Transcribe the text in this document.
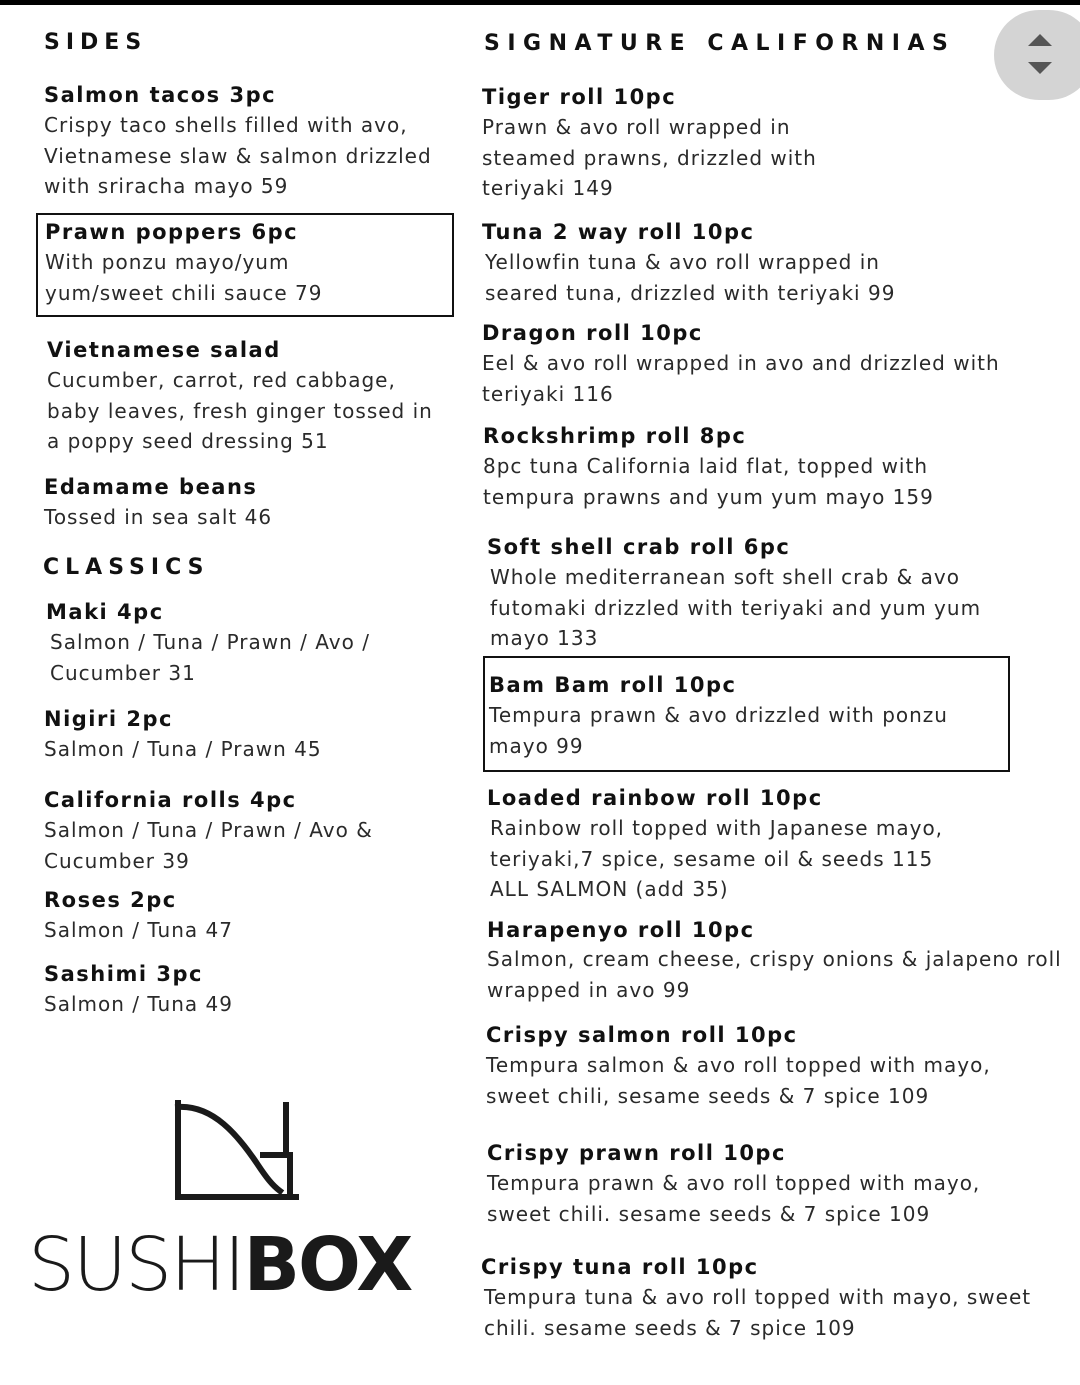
SIDES
Salmon tacos 3pc
Crispy taco shells filled with avo, Vietnamese slaw & salmon drizzled with sriracha mayo 59
Prawn poppers 6pc
With ponzu mayo/yum yum/sweet chili sauce 79
Vietnamese salad
Cucumber, carrot, red cabbage, baby leaves, fresh ginger tossed in a poppy seed dressing 51
Edamame beans
Tossed in sea salt 46
CLASSICS
Maki 4pc
Salmon / Tuna / Prawn / Avo / Cucumber 31
Nigiri 2pc
Salmon / Tuna / Prawn 45
California rolls 4pc
Salmon / Tuna / Prawn / Avo & Cucumber 39
Roses 2pc
Salmon / Tuna 47
Sashimi 3pc
Salmon / Tuna 49
SUSHIBOX
SIGNATURE CALIFORNIAS
Tiger roll 10pc
Prawn & avo roll wrapped in steamed prawns, drizzled with teriyaki 149
Tuna 2 way roll 10pc
Yellowfin tuna & avo roll wrapped in seared tuna, drizzled with teriyaki 99
Dragon roll 10pc
Eel & avo roll wrapped in avo and drizzled with teriyaki 116
Rockshrimp roll 8pc
8pc tuna California laid flat, topped with tempura prawns and yum yum mayo 159
Soft shell crab roll 6pc
Whole mediterranean soft shell crab & avo futomaki drizzled with teriyaki and yum yum mayo 133
Bam Bam roll 10pc
Tempura prawn & avo drizzled with ponzu mayo 99
Loaded rainbow roll 10pc
Rainbow roll topped with Japanese mayo, teriyaki,7 spice, sesame oil & seeds 115 ALL SALMON (add 35)
Harapenyo roll 10pc
Salmon, cream cheese, crispy onions & jalapeno roll wrapped in avo 99
Crispy salmon roll 10pc
Tempura salmon & avo roll topped with mayo, sweet chili, sesame seeds & 7 spice 109
Crispy prawn roll 10pc
Tempura prawn & avo roll topped with mayo, sweet chili. sesame seeds & 7 spice 109
Crispy tuna roll 10pc
Tempura tuna & avo roll topped with mayo, sweet chili. sesame seeds & 7 spice 109
